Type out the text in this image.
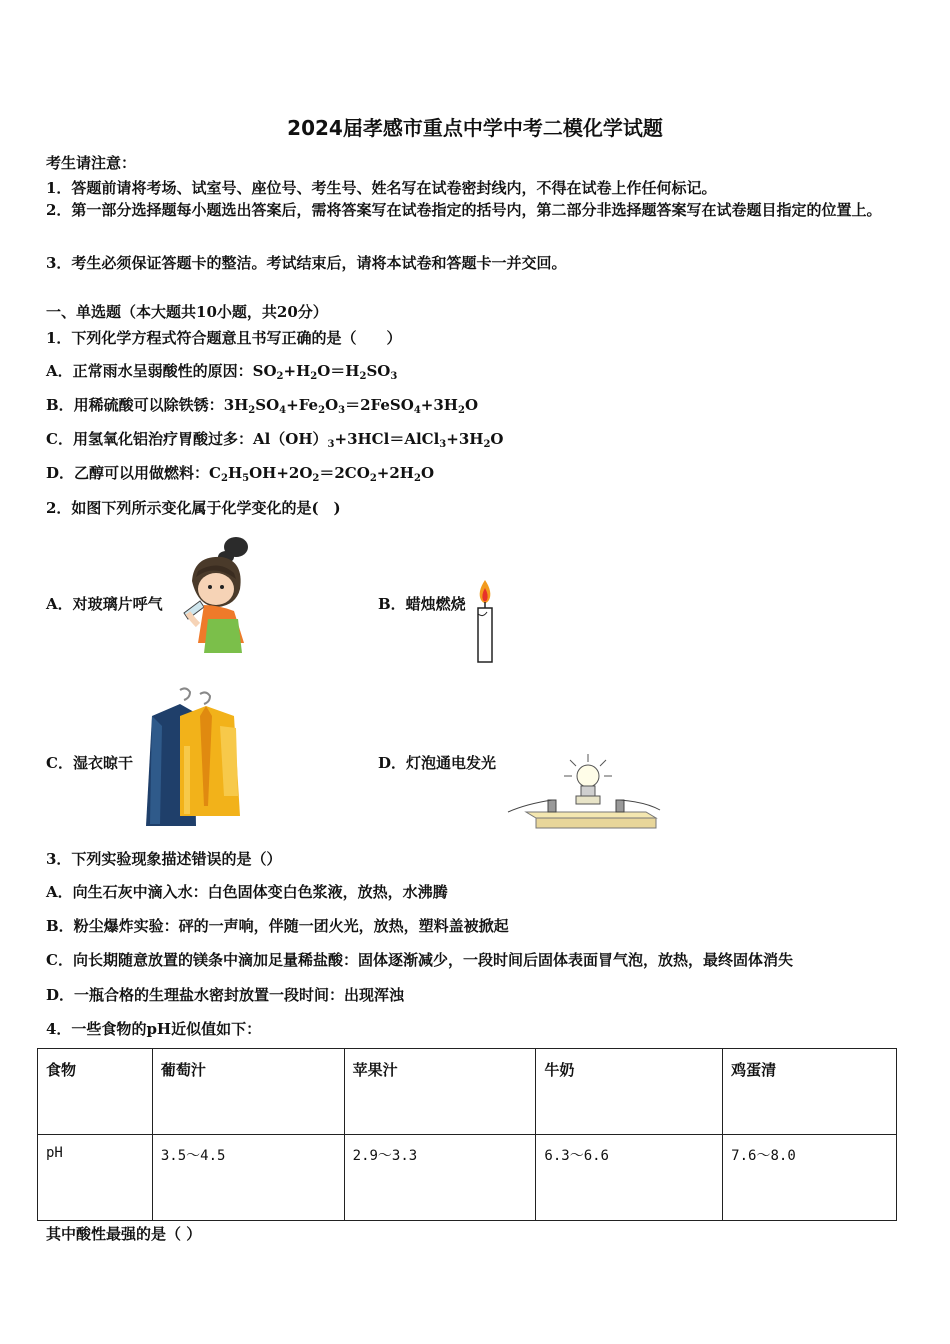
2024届孝感市重点中学中考二模化学试题
考生请注意：
1．答题前请将考场、试室号、座位号、考生号、姓名写在试卷密封线内，不得在试卷上作任何标记。
2．第一部分选择题每小题选出答案后，需将答案写在试卷指定的括号内，第二部分非选择题答案写在试卷题目指定的位置上。
3．考生必须保证答题卡的整洁。考试结束后，请将本试卷和答题卡一并交回。
一、单选题（本大题共10小题，共20分）
1．下列化学方程式符合题意且书写正确的是（　　）
A．正常雨水呈弱酸性的原因：$SO_2+H_2O=H_2SO_3$
B．用稀硫酸可以除铁锈：$3H_2SO_4+Fe_2O_3=2FeSO_4+3H_2O$
C．用氢氧化铝治疗胃酸过多：$Al(OH)_3+3HCl=AlCl_3+3H_2O$
D．乙醇可以用做燃料：$C_2H_5OH+2O_2=2CO_2+2H_2O$
2．如图下列所示变化属于化学变化的是(　)
A．对玻璃片呼气	B．蜡烛燃烧
C．湿衣晾干	D．灯泡通电发光
3．下列实验现象描述错误的是（）
A．向生石灰中滴入水：白色固体变白色浆液，放热，水沸腾
B．粉尘爆炸实验：砰的一声响，伴随一团火光，放热，塑料盖被掀起
C．向长期随意放置的镁条中滴加足量稀盐酸：固体逐渐减少，一段时间后固体表面冒气泡，放热，最终固体消失
D．一瓶合格的生理盐水密封放置一段时间：出现浑浊
4．一些食物的pH近似值如下：
食物	葡萄汁	苹果汁	牛奶	鸡蛋清
pH	3.5～4.5	2.9～3.3	6.3～6.6	7.6～8.0
其中酸性最强的是（ ）
